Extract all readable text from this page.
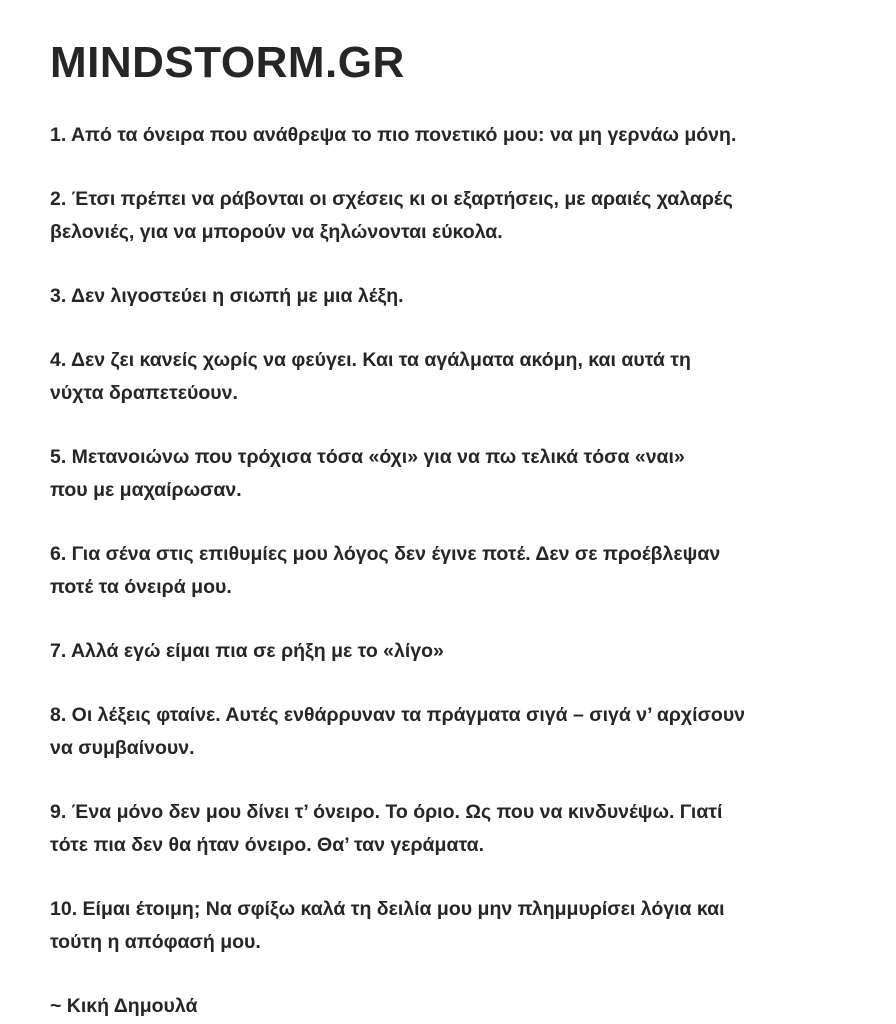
MINDSTORM.GR

1. Από τα όνειρα που ανάθρεψα το πιο πονετικό μου: να μη γερνάω μόνη.

2. Έτσι πρέπει να ράβονται οι σχέσεις κι οι εξαρτήσεις, με αραιές χαλαρές
βελονιές, για να μπορούν να ξηλώνονται εύκολα.

3. Δεν λιγοστεύει η σιωπή με μια λέξη.

4. Δεν ζει κανείς χωρίς να φεύγει. Και τα αγάλματα ακόμη, και αυτά τη
νύχτα δραπετεύουν.

5. Μετανοιώνω που τρόχισα τόσα «όχι» για να πω τελικά τόσα «ναι»
που με μαχαίρωσαν.

6. Για σένα στις επιθυμίες μου λόγος δεν έγινε ποτέ. Δεν σε προέβλεψαν
ποτέ τα όνειρά μου.

7. Αλλά εγώ είμαι πια σε ρήξη με το «λίγο»

8. Οι λέξεις φταίνε. Αυτές ενθάρρυναν τα πράγματα σιγά – σιγά ν’ αρχίσουν
να συμβαίνουν.

9. Ένα μόνο δεν μου δίνει τ’ όνειρο. Το όριο. Ως που να κινδυνέψω. Γιατί
τότε πια δεν θα ήταν όνειρο. Θα’ ταν γεράματα.

10. Είμαι έτοιμη; Να σφίξω καλά τη δειλία μου μην πλημμυρίσει λόγια και
τούτη η απόφασή μου.

~ Κική Δημουλά
